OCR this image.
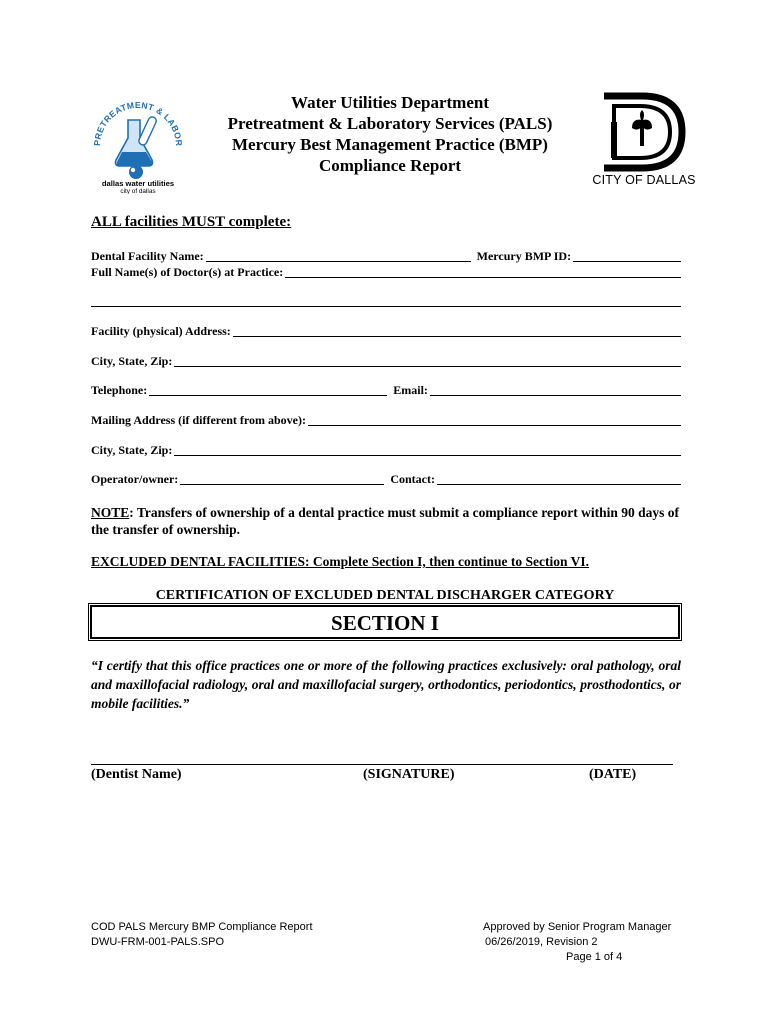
PRETREATMENT & LABOR
dallas water utilities
city of dallas
Water Utilities Department
Pretreatment & Laboratory Services (PALS)
Mercury Best Management Practice (BMP)
Compliance Report
CITY OF DALLAS
ALL facilities MUST complete:
Dental Facility Name:	Mercury BMP ID:
Full Name(s) of Doctor(s) at Practice:
Facility (physical) Address:
City, State, Zip:
Telephone:	Email:
Mailing Address (if different from above):
City, State, Zip:
Operator/owner:	Contact:
NOTE: Transfers of ownership of a dental practice must submit a compliance report within 90 days of the transfer of ownership.
EXCLUDED DENTAL FACILITIES: Complete Section I, then continue to Section VI.
CERTIFICATION OF EXCLUDED DENTAL DISCHARGER CATEGORY
SECTION I
“I certify that this office practices one or more of the following practices exclusively: oral pathology, oral and maxillofacial radiology, oral and maxillofacial surgery, orthodontics, periodontics, prosthodontics, or mobile facilities.”
(Dentist Name)	(SIGNATURE)	(DATE)
COD PALS Mercury BMP Compliance Report
DWU-FRM-001-PALS.SPO
Approved by Senior Program Manager
06/26/2019, Revision 2
Page 1 of 4
